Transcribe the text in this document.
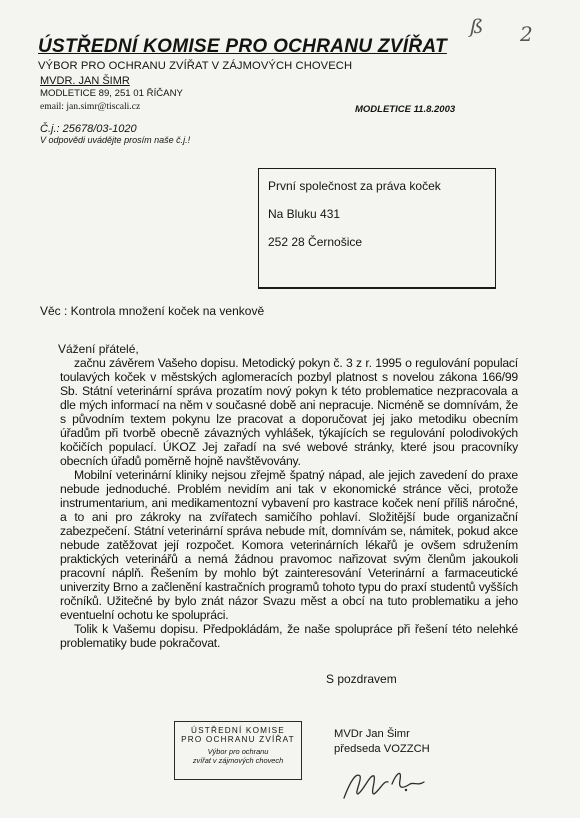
ß 2
ÚSTŘEDNÍ KOMISE PRO OCHRANU ZVÍŘAT
VÝBOR PRO OCHRANU ZVÍŘAT V ZÁJMOVÝCH CHOVECH
MVDR. JAN ŠIMR
MODLETICE 89, 251 01 ŘÍČANY
email: jan.simr@tiscali.cz	MODLETICE 11.8.2003
Č.j.: 25678/03-1020
V odpovědi uvádějte prosím naše č.j.!
První společnost za práva koček
Na Bluku 431
252 28 Černošice
Věc : Kontrola množení koček na venkově
Vážení přátelé,

začnu závěrem Vašeho dopisu. Metodický pokyn č. 3 z r. 1995 o regulování populací toulavých koček v městských aglomeracích pozbyl platnost s novelou zákona 166/99 Sb. Státní veterinární správa prozatím nový pokyn k této problematice nezpracovala a dle mých informací na něm v současné době ani nepracuje. Nicméně se domnívám, že s původním textem pokynu lze pracovat a doporučovat jej jako metodiku obecním úřadům při tvorbě obecně závazných vyhlášek, týkajících se regulování polodivokých kočičích populací. ÚKOZ Jej zařadí na své webové stránky, které jsou pracovníky obecních úřadů poměrně hojně navštěvovány.

Mobilní veterinární kliniky nejsou zřejmě špatný nápad, ale jejich zavedení do praxe nebude jednoduché. Problém nevidím ani tak v ekonomické stránce věci, protože instrumentarium, ani medikamentozní vybavení pro kastrace koček není příliš náročné, a to ani pro zákroky na zvířatech samičího pohlaví. Složitější bude organizační zabezpečení. Státní veterinární správa nebude mít, domnívám se, námitek, pokud akce nebude zatěžovat její rozpočet. Komora veterinárních lékařů je ovšem sdružením praktických veterinářů a nemá žádnou pravomoc nařizovat svým členům jakoukoli pracovní náplň. Řešením by mohlo být zainteresování Veterinární a farmaceutické univerzity Brno a začlenění kastračních programů tohoto typu do praxí studentů vyšších ročníků. Užitečné by bylo znát názor Svazu měst a obcí na tuto problematiku a jeho eventuelní ochotu ke spolupráci.

Tolik k Vašemu dopisu. Předpokládám, že naše spolupráce při řešení této nelehké problematiky bude pokračovat.

S pozdravem
ÚSTŘEDNÍ KOMISE
PRO OCHRANU ZVÍŘAT
Výbor pro ochranu
zvířat v zájmových chovech
MVDr Jan Šimr
předseda VOZZCH
